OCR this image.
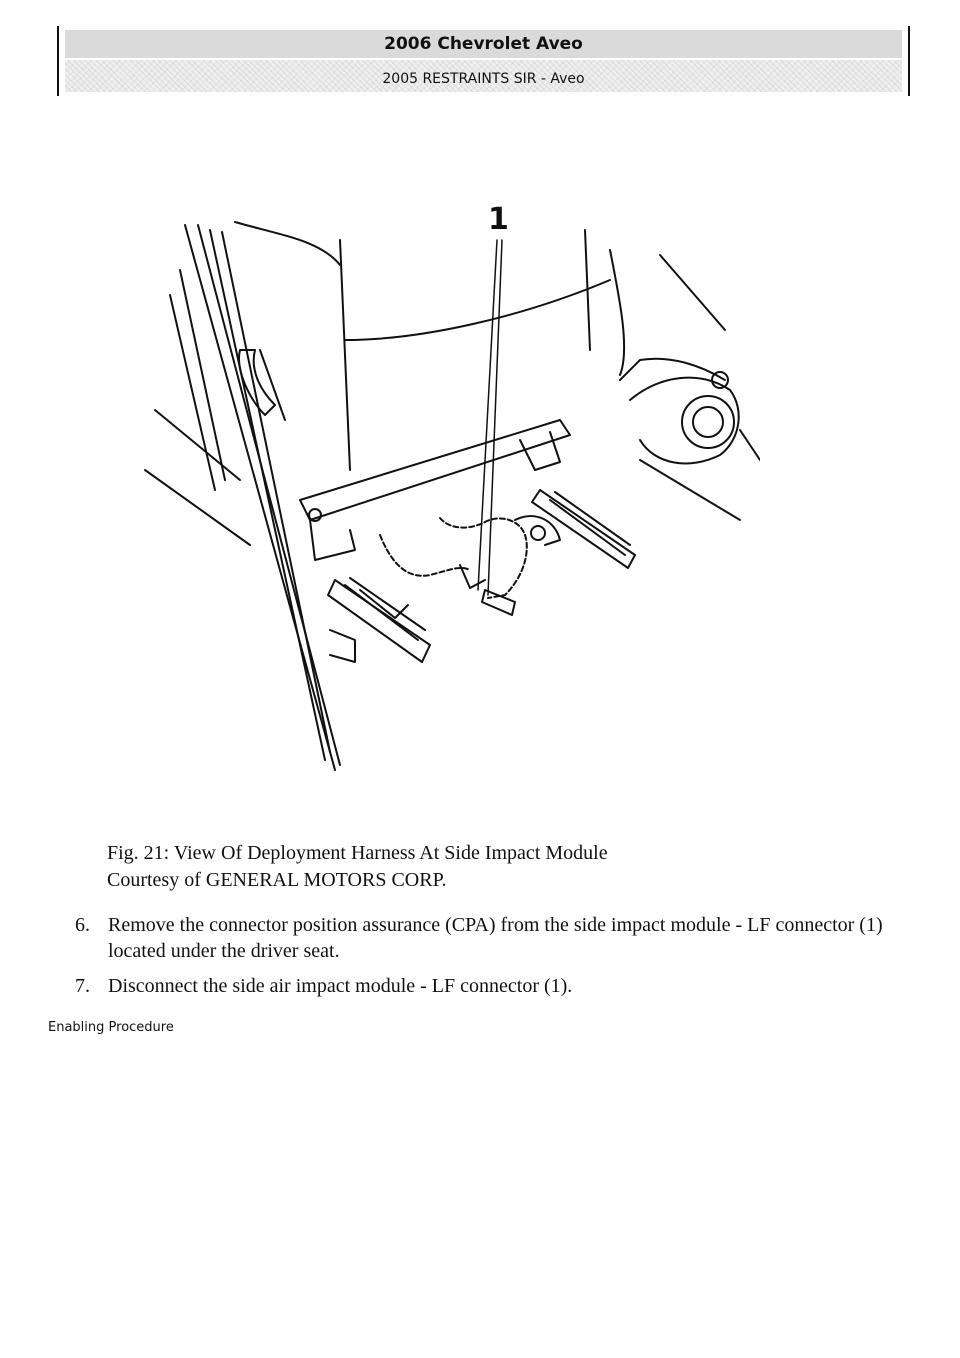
2006 Chevrolet Aveo
2005 RESTRAINTS SIR - Aveo
1
Fig. 21: View Of Deployment Harness At Side Impact Module
Courtesy of GENERAL MOTORS CORP.
6. Remove the connector position assurance (CPA) from the side impact module - LF connector (1) located under the driver seat.
7. Disconnect the side air impact module - LF connector (1).
Enabling Procedure
